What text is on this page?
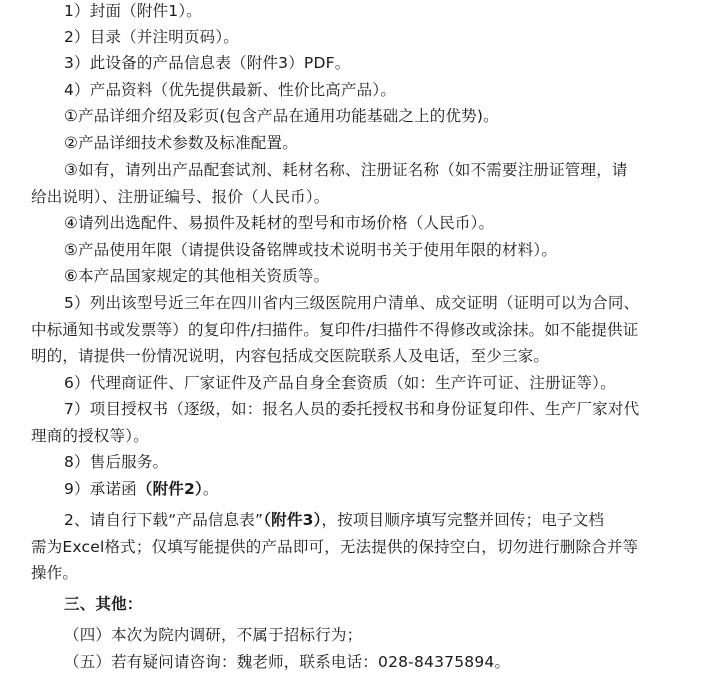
1）封面（附件1）。
2）目录（并注明页码）。
3）此设备的产品信息表（附件3）PDF。
4）产品资料（优先提供最新、性价比高产品）。
①产品详细介绍及彩页(包含产品在通用功能基础之上的优势)。
②产品详细技术参数及标准配置。
③如有，请列出产品配套试剂、耗材名称、注册证名称（如不需要注册证管理，请
给出说明）、注册证编号、报价（人民币）。
④请列出选配件、易损件及耗材的型号和市场价格（人民币）。
⑤产品使用年限（请提供设备铭牌或技术说明书关于使用年限的材料）。
⑥本产品国家规定的其他相关资质等。
5）列出该型号近三年在四川省内三级医院用户清单、成交证明（证明可以为合同、
中标通知书或发票等）的复印件/扫描件。复印件/扫描件不得修改或涂抹。如不能提供证
明的，请提供一份情况说明，内容包括成交医院联系人及电话，至少三家。
6）代理商证件、厂家证件及产品自身全套资质（如：生产许可证、注册证等）。
7）项目授权书（逐级，如：报名人员的委托授权书和身份证复印件、生产厂家对代
理商的授权等）。
8）售后服务。
9）承诺函（附件2）。
2、请自行下载“产品信息表”（附件3），按项目顺序填写完整并回传；电子文档
需为Excel格式；仅填写能提供的产品即可，无法提供的保持空白，切勿进行删除合并等
操作。
三、其他：
（四）本次为院内调研，不属于招标行为；
（五）若有疑问请咨询：魏老师，联系电话：028-84375894。
